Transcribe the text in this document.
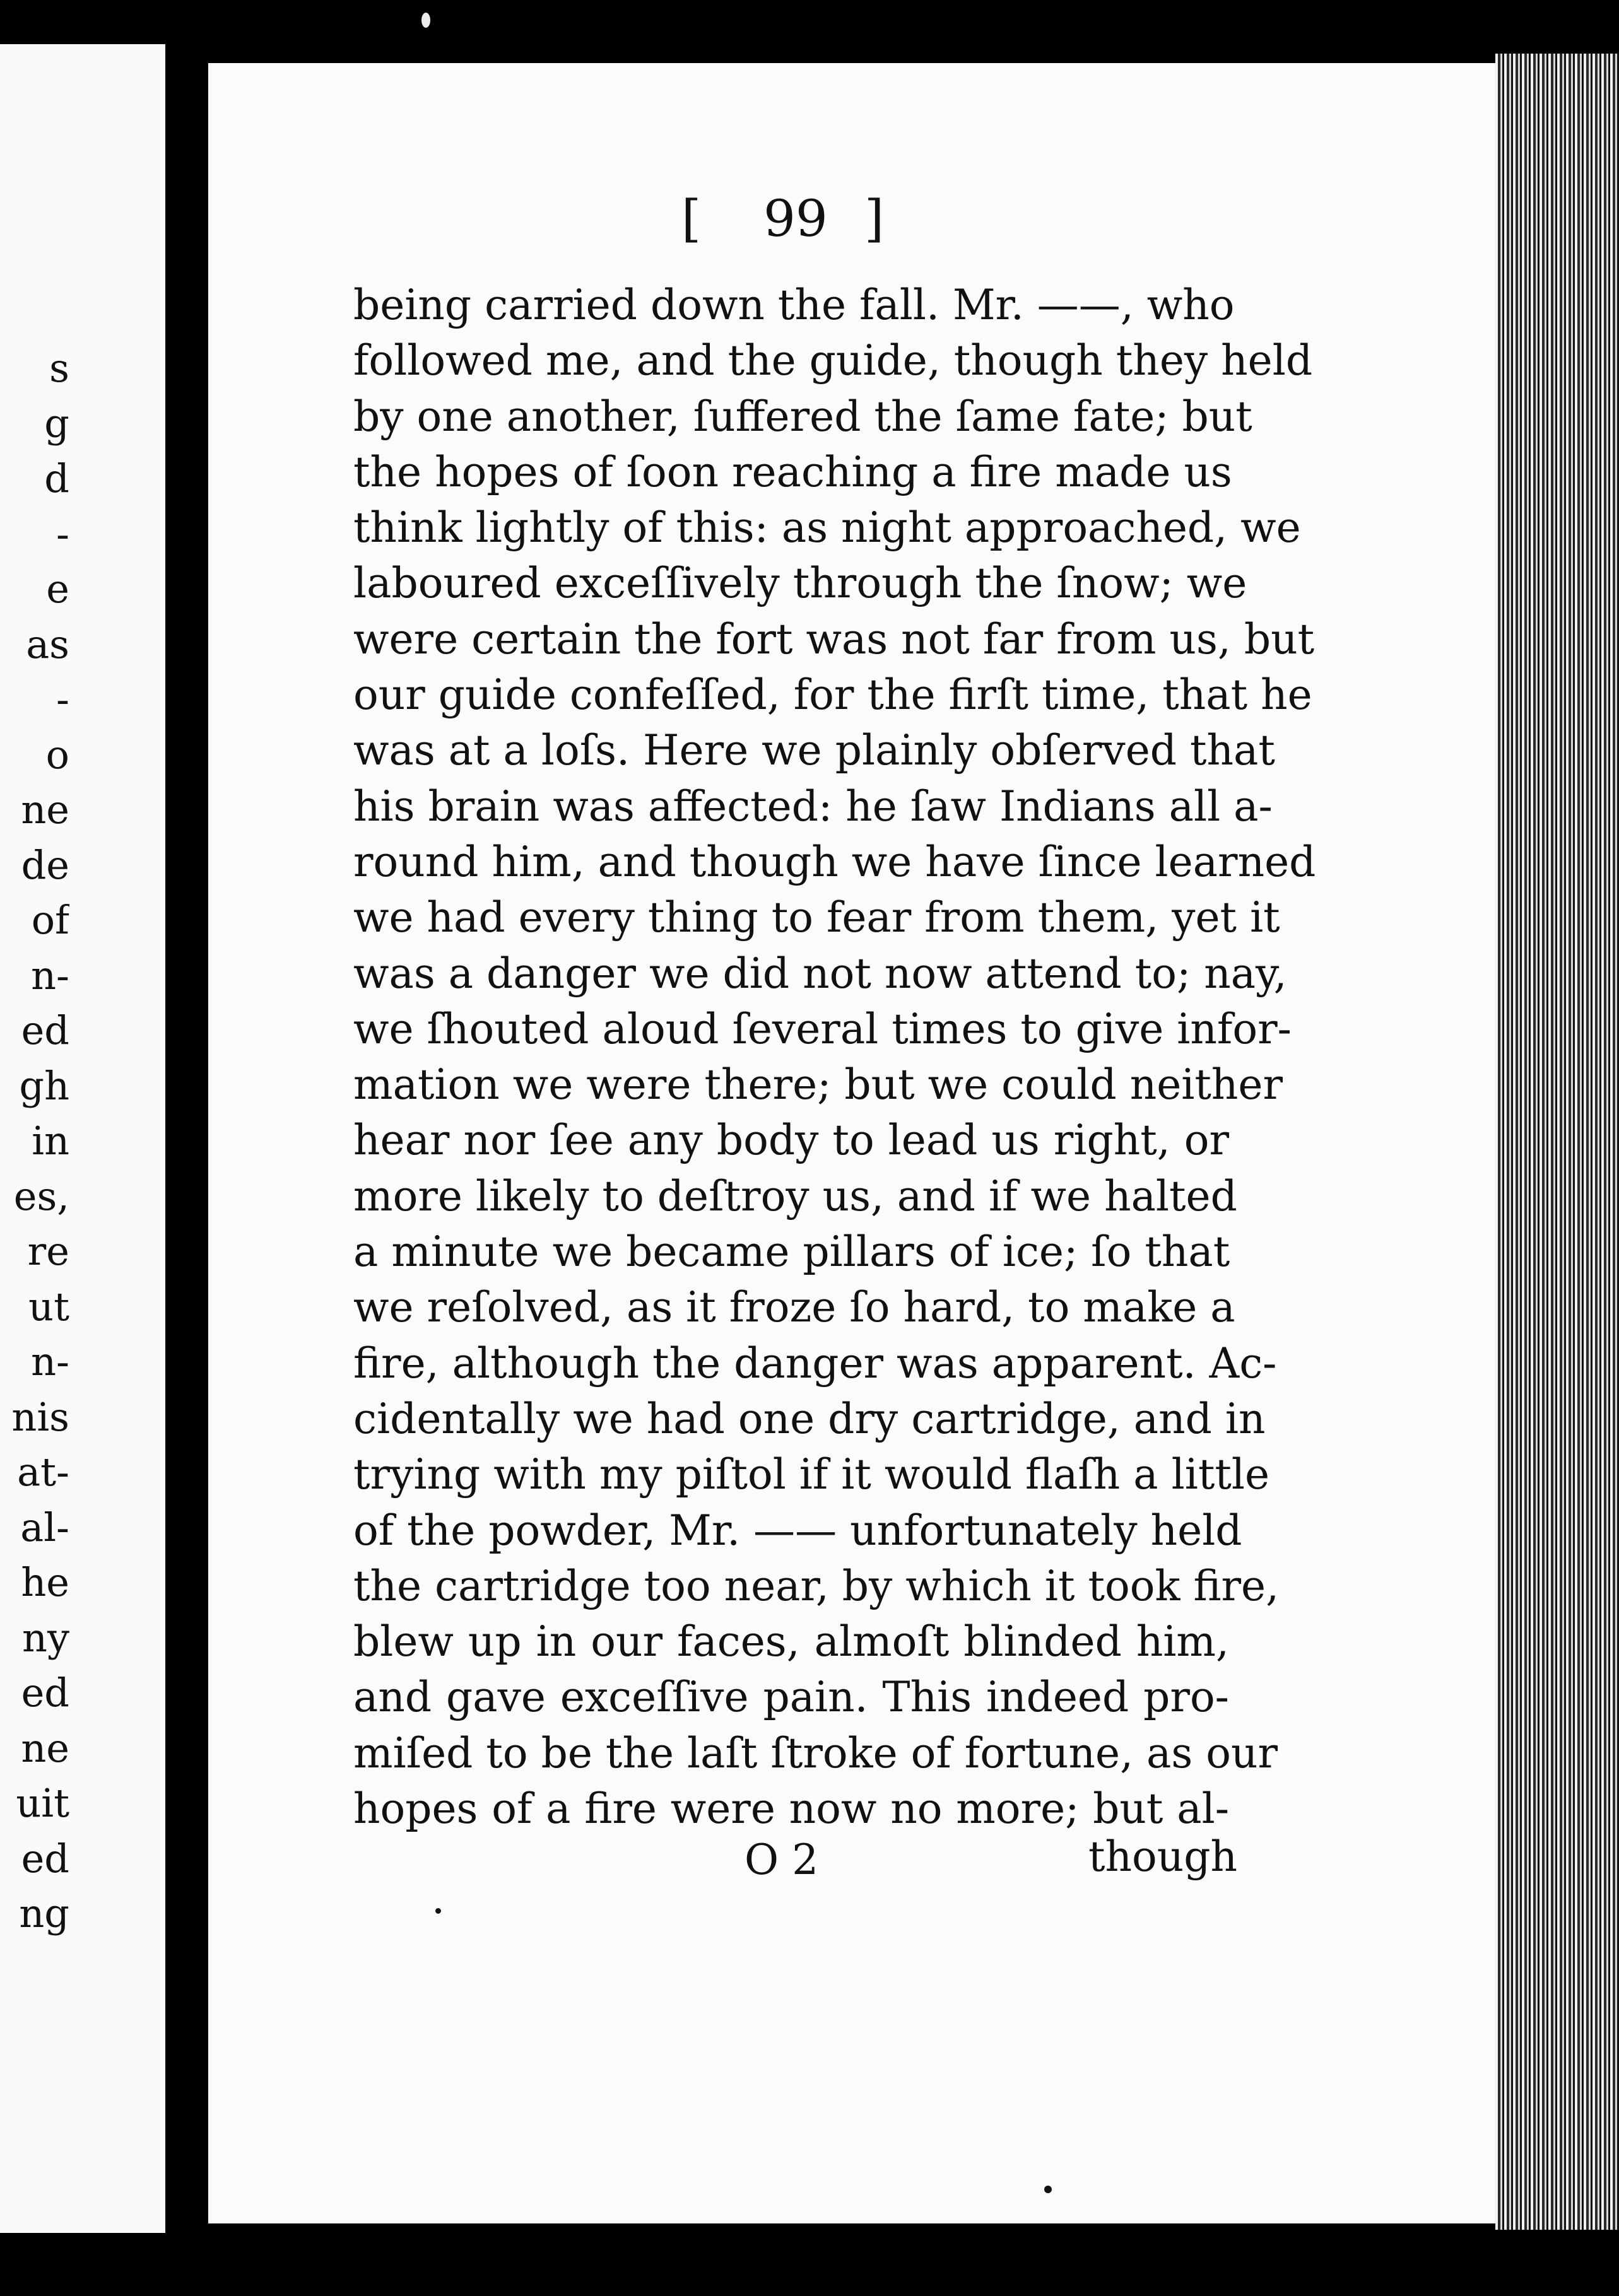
s
g
d
-
e
as
-
o
ne
de
of
n-
ed
gh
in
es,
re
ut
n-
nis
at-
al-
he
ny
ed
ne
uit
ed
ng
[ 99 ]
being carried down the fall. Mr. ——, who
followed me, and the guide, though they held
by one another, ſuffered the ſame fate; but
the hopes of ſoon reaching a fire made us
think lightly of this: as night approached, we
laboured exceſſively through the ſnow; we
were certain the fort was not far from us, but
our guide confeſſed, for the firſt time, that he
was at a loſs. Here we plainly obſerved that
his brain was affected: he ſaw Indians all a-
round him, and though we have ſince learned
we had every thing to fear from them, yet it
was a danger we did not now attend to; nay,
we ſhouted aloud ſeveral times to give infor-
mation we were there; but we could neither
hear nor ſee any body to lead us right, or
more likely to deſtroy us, and if we halted
a minute we became pillars of ice; ſo that
we reſolved, as it froze ſo hard, to make a
fire, although the danger was apparent. Ac-
cidentally we had one dry cartridge, and in
trying with my piſtol if it would flaſh a little
of the powder, Mr. —— unfortunately held
the cartridge too near, by which it took fire,
blew up in our faces, almoſt blinded him,
and gave exceſſive pain. This indeed pro-
miſed to be the laſt ſtroke of fortune, as our
hopes of a fire were now no more; but al-
O 2	though
